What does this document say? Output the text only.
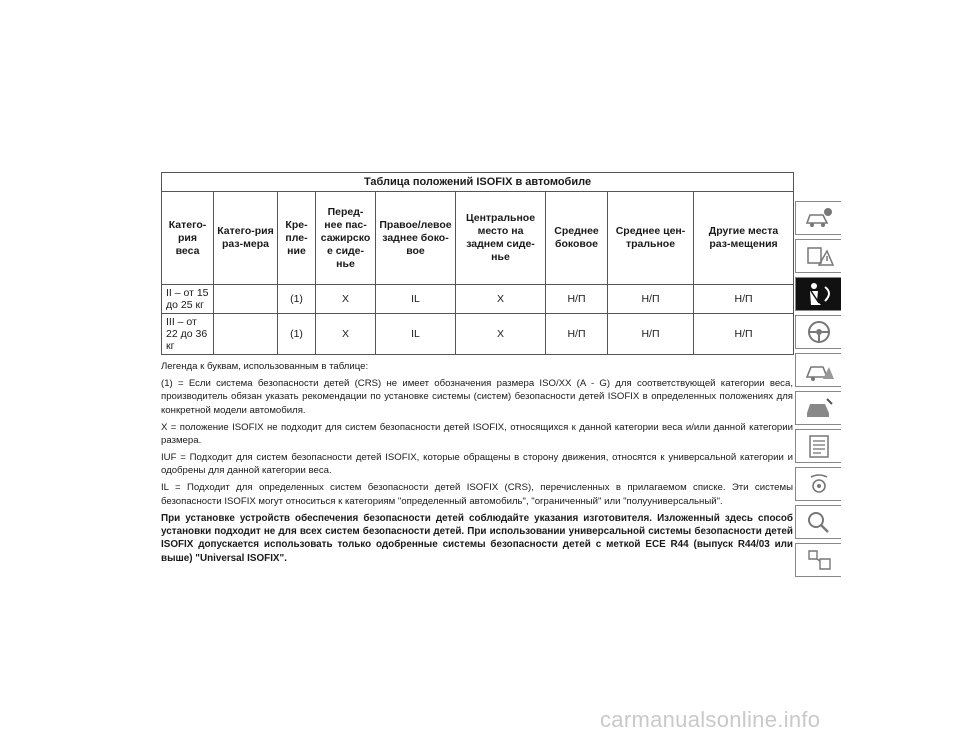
Таблица положений ISOFIX в автомобиле								
Катего-рия веса	Катего-рия раз-мера	Кре-пле-ние	Перед-нее пас-сажирско е сиде-нье	Правое/левое заднее боко-вое	Центральное место на заднем сиде-нье	Среднее боковое	Среднее цен-тральное	Другие места раз-мещения
II – от 15 до 25 кг		(1)	X	IL	X	Н/П	Н/П	Н/П
III – от 22 до 36 кг		(1)	X	IL	X	Н/П	Н/П	Н/П

Легенда к буквам, использованным в таблице:

(1) = Если система безопасности детей (CRS) не имеет обозначения размера ISO/XX (A - G) для соответствующей категории веса, производитель обязан указать рекомендации по установке системы (систем) безопасности детей ISOFIX в определенных положениях для конкретной модели автомобиля.

X = положение ISOFIX не подходит для систем безопасности детей ISOFIX, относящихся к данной категории веса и/или данной категории размера.

IUF = Подходит для систем безопасности детей ISOFIX, которые обращены в сторону движения, относятся к универсальной категории и одобрены для данной категории веса.

IL = Подходит для определенных систем безопасности детей ISOFIX (CRS), перечисленных в прилагаемом списке. Эти системы безопасности ISOFIX могут относиться к категориям "определенный автомобиль", "ограниченный" или "полууниверсальный".

При установке устройств обеспечения безопасности детей соблюдайте указания изготовителя. Изложенный здесь способ установки подходит не для всех систем безопасности детей. При использовании универсальной системы безопасности детей ISOFIX допускается использовать только одобренные системы безопасности детей с меткой ECE R44 (выпуск R44/03 или выше) "Universal ISOFIX".

carmanualsonline.info
